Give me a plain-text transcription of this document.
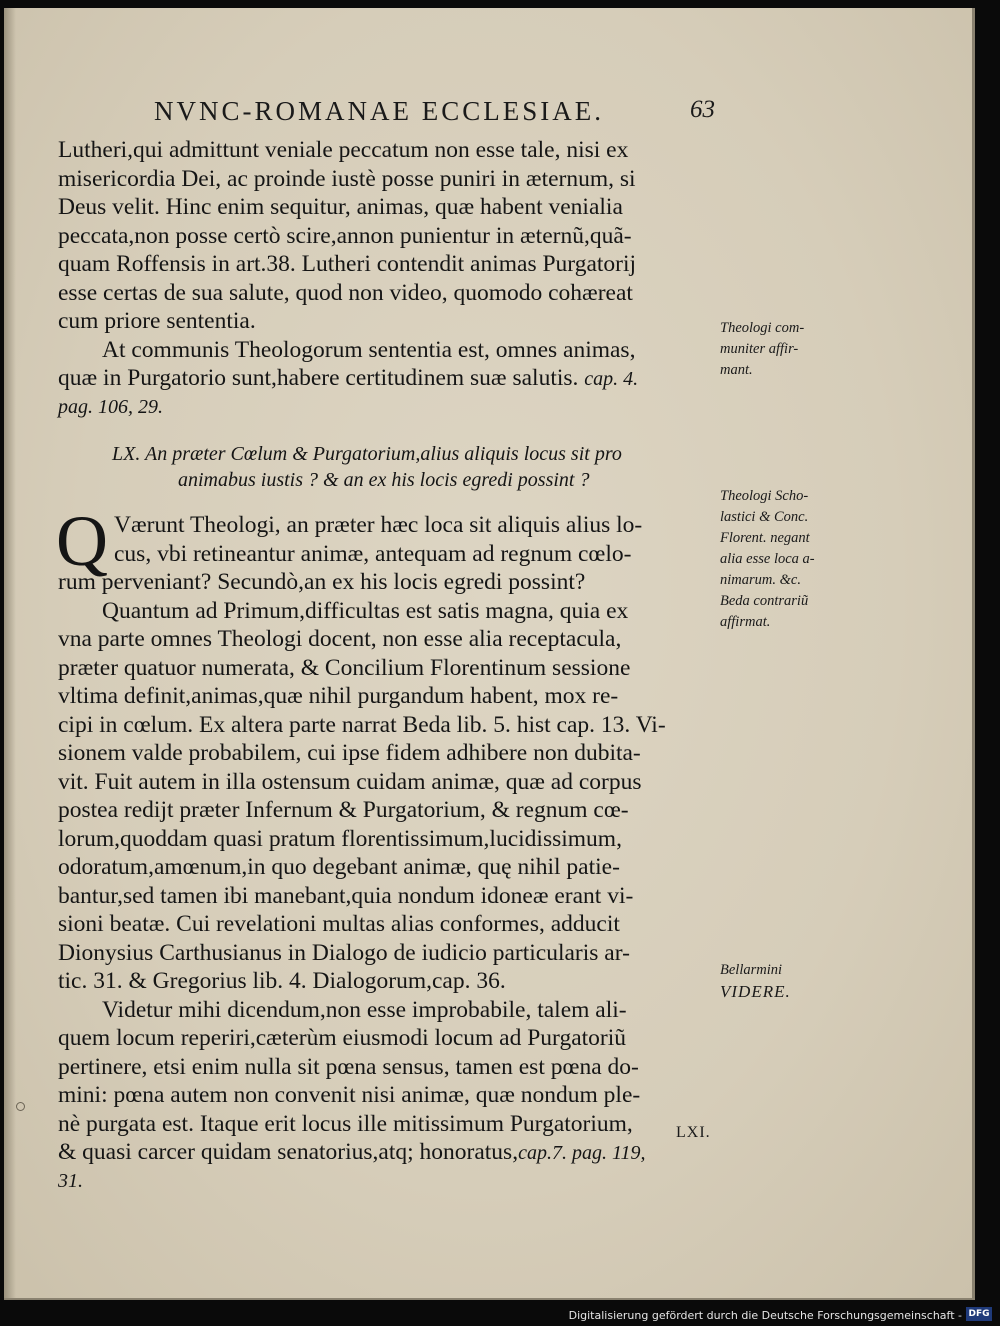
NVNC-ROMANAE ECCLESIAE.	63
Lutheri,qui admittunt veniale peccatum non esse tale, nisi ex
misericordia Dei, ac proinde iustè posse puniri in æternum, si
Deus velit. Hinc enim sequitur, animas, quæ habent venialia
peccata,non posse certò scire,annon punientur in æternũ,quã-
quam Roffensis in art.38. Lutheri contendit animas Purgatorij
esse certas de sua salute, quod non video, quomodo cohæreat
cum priore sententia.
At communis Theologorum sententia est, omnes animas,
quæ in Purgatorio sunt,habere certitudinem suæ salutis. cap. 4.
pag. 106, 29.
LX. An præter Cœlum & Purgatorium,alius aliquis locus sit pro
animabus iustis ? & an ex his locis egredi possint ?
Q Værunt Theologi, an præter hæc loca sit aliquis alius lo-
cus, vbi retineantur animæ, antequam ad regnum cœlo-
rum perveniant? Secundò,an ex his locis egredi possint?
Quantum ad Primum,difficultas est satis magna, quia ex
vna parte omnes Theologi docent, non esse alia receptacula,
præter quatuor numerata, & Concilium Florentinum sessione
vltima definit,animas,quæ nihil purgandum habent, mox re-
cipi in cœlum. Ex altera parte narrat Beda lib. 5. hist cap. 13. Vi-
sionem valde probabilem, cui ipse fidem adhibere non dubita-
vit. Fuit autem in illa ostensum cuidam animæ, quæ ad corpus
postea redijt præter Infernum & Purgatorium, & regnum cœ-
lorum,quoddam quasi pratum florentissimum,lucidissimum,
odoratum,amœnum,in quo degebant animæ, quę nihil patie-
bantur,sed tamen ibi manebant,quia nondum idoneæ erant vi-
sioni beatæ. Cui revelationi multas alias conformes, adducit
Dionysius Carthusianus in Dialogo de iudicio particularis ar-
tic. 31. & Gregorius lib. 4. Dialogorum,cap. 36.
Videtur mihi dicendum,non esse improbabile, talem ali-
quem locum reperiri,cæterùm eiusmodi locum ad Purgatoriũ
pertinere, etsi enim nulla sit pœna sensus, tamen est pœna do-
mini: pœna autem non convenit nisi animæ, quæ nondum ple-
nè purgata est. Itaque erit locus ille mitissimum Purgatorium,
& quasi carcer quidam senatorius,atq; honoratus,cap.7. pag. 119,
31.
Theologi com-
muniter affir-
mant.
Theologi Scho-
lastici & Conc.
Florent. negant
alia esse loca a-
nimarum. &c.
Beda contrariũ
affirmat.
Bellarmini
VIDERE.
LXI.
Digitalisierung gefördert durch die Deutsche Forschungsgemeinschaft - DFG
